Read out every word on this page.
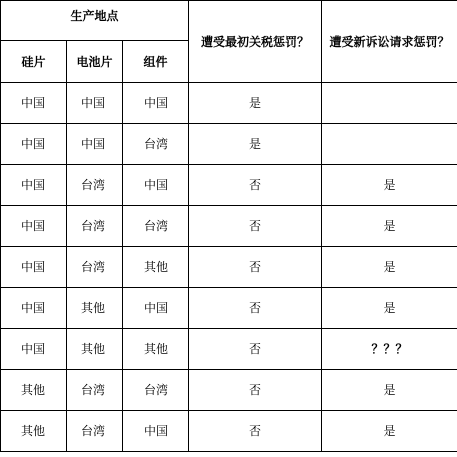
生产地点			遭受最初关税惩罚？	遭受新诉讼请求惩罚？
硅片	电池片	组件		
中国	中国	中国	是	
中国	中国	台湾	是	
中国	台湾	中国	否	是
中国	台湾	台湾	否	是
中国	台湾	其他	否	是
中国	其他	中国	否	是
中国	其他	其他	否	？？？
其他	台湾	台湾	否	是
其他	台湾	中国	否	是
